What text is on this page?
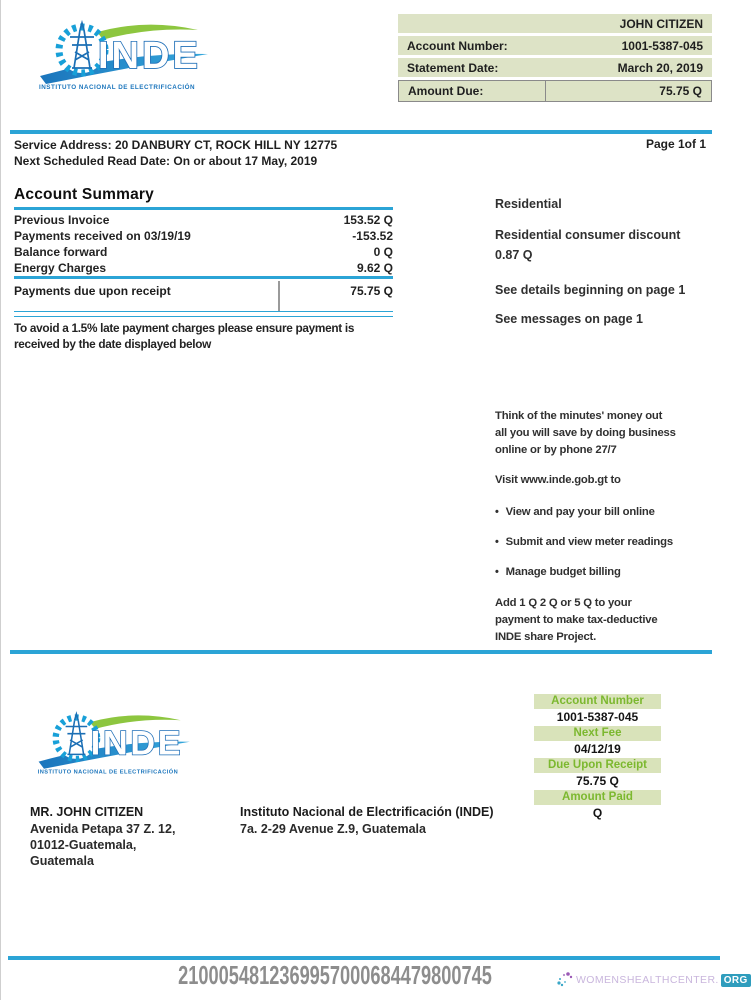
INDE
INSTITUTO NACIONAL DE ELECTRIFICACIÓN
JOHN CITIZEN
Account Number:	1001-5387-045
Statement Date:	March 20, 2019
Amount Due:	75.75 Q
Service Address: 20 DANBURY CT, ROCK HILL NY 12775
Next Scheduled Read Date: On or about 17 May, 2019
Page 1of 1
Account Summary
Previous Invoice	153.52 Q
Payments received on 03/19/19	-153.52
Balance forward	0 Q
Energy Charges	9.62 Q
Payments due upon receipt	75.75 Q
To avoid a 1.5% late payment charges please ensure payment is
received by the date displayed below
Residential
Residential consumer discount
0.87 Q
See details beginning on page 1
See messages on page 1
Think of the minutes' money out
all you will save by doing business
online or by phone 27/7
Visit www.inde.gob.gt to
•
View and pay your bill online
•
Submit and view meter readings
•
Manage budget billing
Add 1 Q 2 Q or 5 Q to your
payment to make tax-deductive
INDE share Project.
INDE
INSTITUTO NACIONAL DE ELECTRIFICACIÓN
Account Number
1001-5387-045
Next Fee
04/12/19
Due Upon Receipt
75.75 Q
Amount Paid
Q
MR. JOHN CITIZEN
Avenida Petapa 37 Z. 12,
01012-Guatemala,
Guatemala
Instituto Nacional de Electrificación (INDE)
7a. 2-29 Avenue Z.9, Guatemala
2100054812369957000684479800745	WOMENSHEALTHCENTER. ORG
